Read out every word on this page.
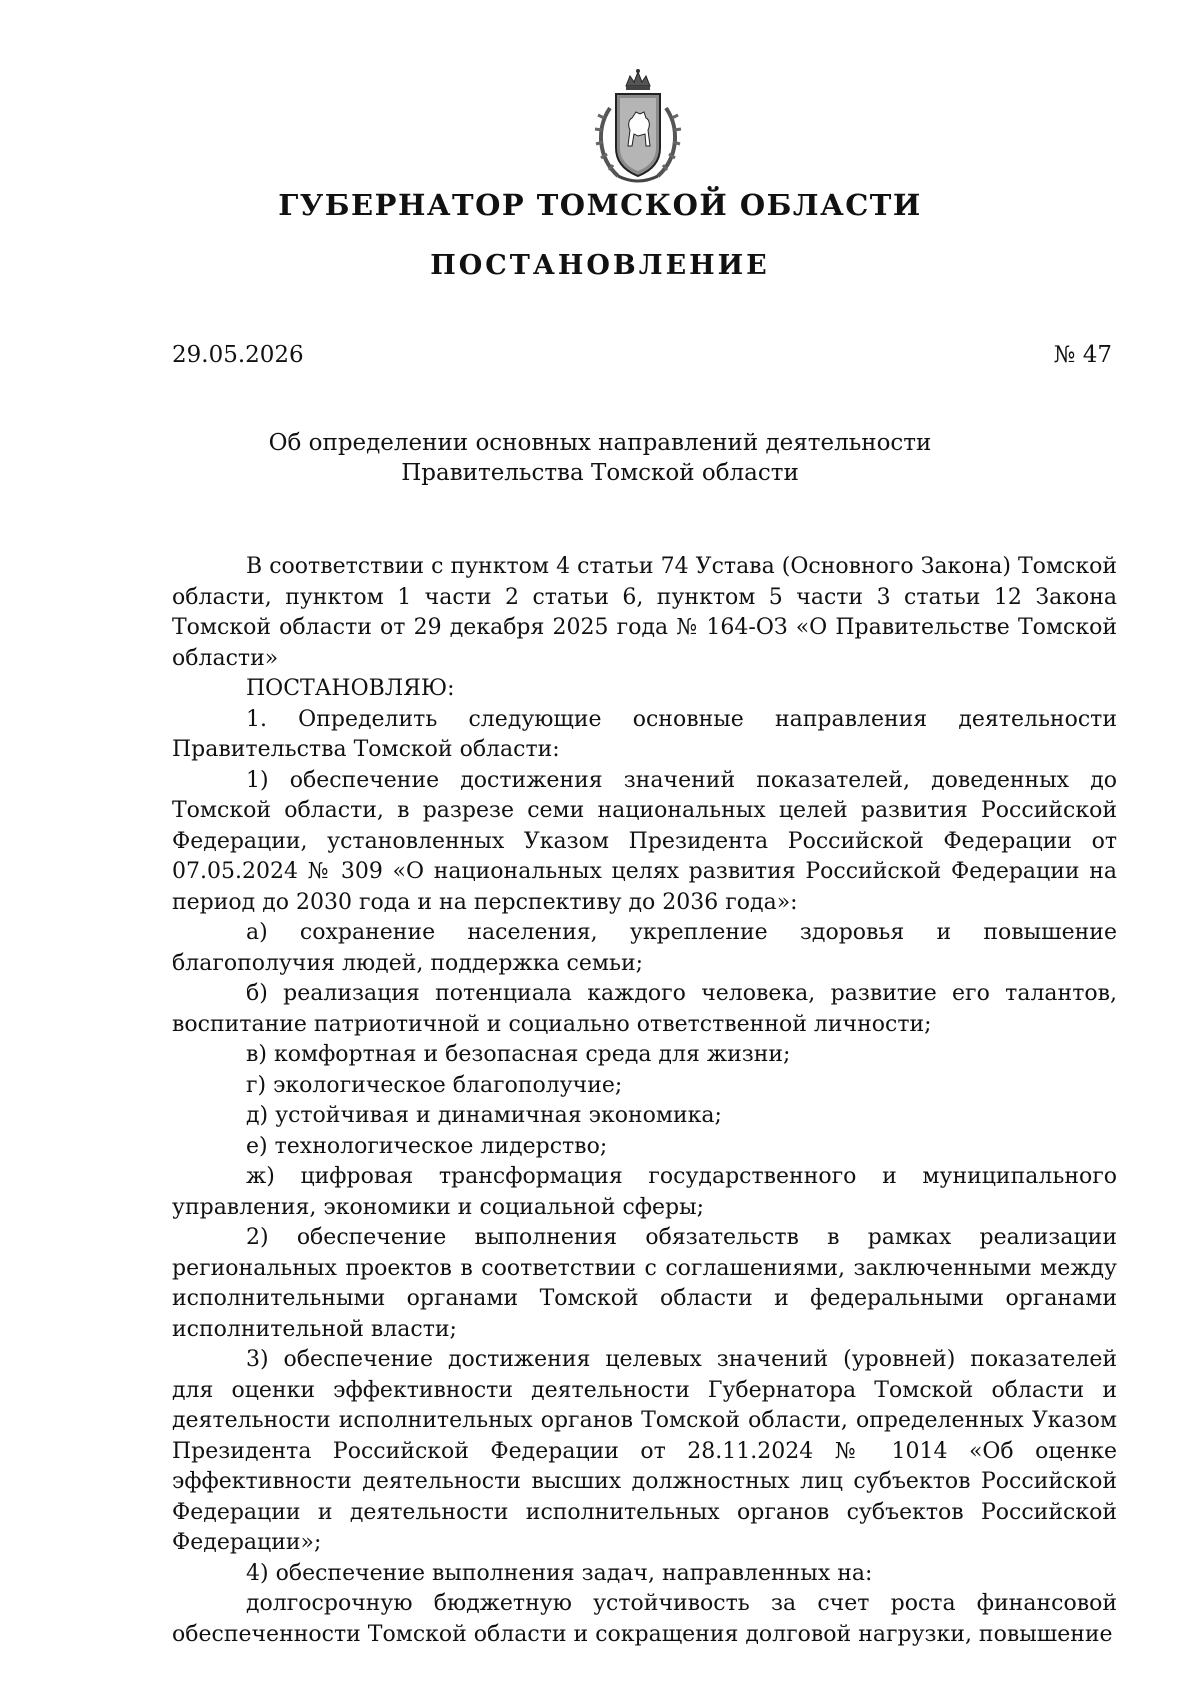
ГУБЕРНАТОР ТОМСКОЙ ОБЛАСТИ
ПОСТАНОВЛЕНИЕ
29.05.2026	№ 47
Об определении основных направлений деятельности
Правительства Томской области

В соответствии с пунктом 4 статьи 74 Устава (Основного Закона) Томской области, пунктом 1 части 2 статьи 6, пунктом 5 части 3 статьи 12 Закона Томской области от 29 декабря 2025 года № 164-ОЗ «О Правительстве Томской области»

ПОСТАНОВЛЯЮ:

1. Определить следующие основные направления деятельности Правительства Томской области:

1) обеспечение достижения значений показателей, доведенных до Томской области, в разрезе семи национальных целей развития Российской Федерации, установленных Указом Президента Российской Федерации от 07.05.2024 № 309 «О национальных целях развития Российской Федерации на период до 2030 года и на перспективу до 2036 года»:

а) сохранение населения, укрепление здоровья и повышение благополучия людей, поддержка семьи;

б) реализация потенциала каждого человека, развитие его талантов, воспитание патриотичной и социально ответственной личности;

в) комфортная и безопасная среда для жизни;

г) экологическое благополучие;

д) устойчивая и динамичная экономика;

е) технологическое лидерство;

ж) цифровая трансформация государственного и муниципального управления, экономики и социальной сферы;

2) обеспечение выполнения обязательств в рамках реализации региональных проектов в соответствии с соглашениями, заключенными между исполнительными органами Томской области и федеральными органами исполнительной власти;

3) обеспечение достижения целевых значений (уровней) показателей для оценки эффективности деятельности Губернатора Томской области и деятельности исполнительных органов Томской области, определенных Указом Президента Российской Федерации от 28.11.2024 № 1014 «Об оценке эффективности деятельности высших должностных лиц субъектов Российской Федерации и деятельности исполнительных органов субъектов Российской Федерации»;

4) обеспечение выполнения задач, направленных на:

долгосрочную бюджетную устойчивость за счет роста финансовой обеспеченности Томской области и сокращения долговой нагрузки, повышение
